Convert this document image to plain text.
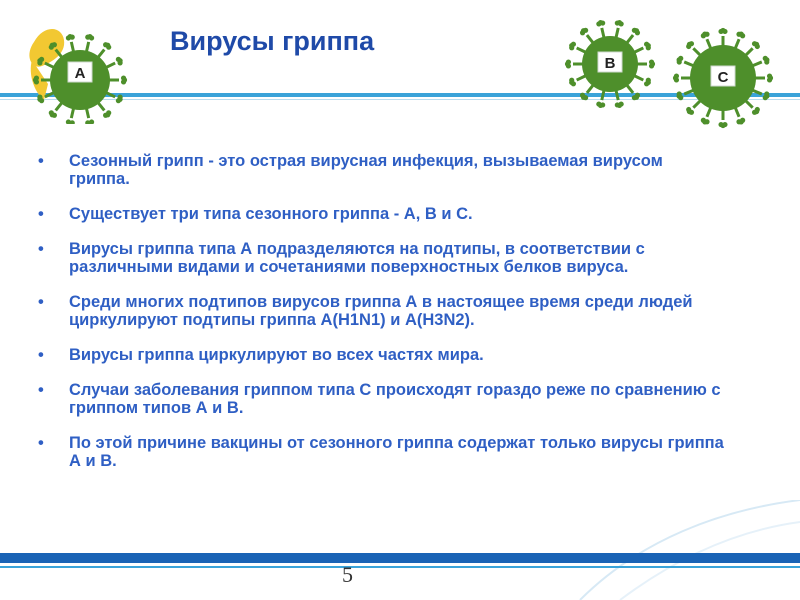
Вирусы гриппа
A
B
C
• Сезонный грипп - это острая вирусная инфекция, вызываемая вирусом гриппа.
• Существует три типа сезонного гриппа - А, В и С.
• Вирусы гриппа типа А подразделяются на подтипы, в соответствии с различными видами и сочетаниями поверхностных белков вируса.
• Среди многих подтипов вирусов гриппа А в настоящее время среди людей циркулируют подтипы гриппа А(H1N1) и А(H3N2).
• Вирусы гриппа циркулируют во всех частях мира.
• Случаи заболевания гриппом типа С происходят гораздо реже по сравнению с гриппом типов А и В.
• По этой причине вакцины от сезонного гриппа содержат только вирусы гриппа А и В.
5
